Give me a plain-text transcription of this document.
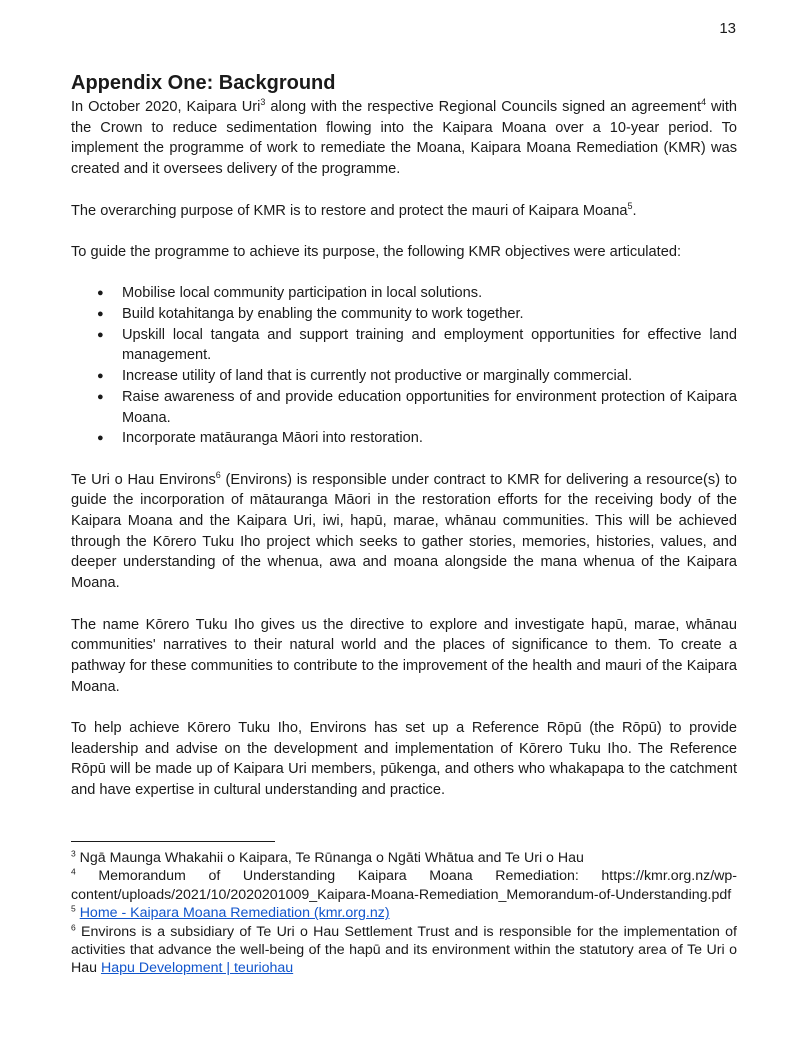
13
Appendix One: Background

In October 2020, Kaipara Uri$^3$ along with the respective Regional Councils signed an agreement$^4$ with the Crown to reduce sedimentation flowing into the Kaipara Moana over a 10-year period. To implement the programme of work to remediate the Moana, Kaipara Moana Remediation (KMR) was created and it oversees delivery of the programme.

The overarching purpose of KMR is to restore and protect the mauri of Kaipara Moana$^5$.

To guide the programme to achieve its purpose, the following KMR objectives were articulated:

● Mobilise local community participation in local solutions.
● Build kotahitanga by enabling the community to work together.
● Upskill local tangata and support training and employment opportunities for effective land management.
● Increase utility of land that is currently not productive or marginally commercial.
● Raise awareness of and provide education opportunities for environment protection of Kaipara Moana.
● Incorporate matāuranga Māori into restoration.

Te Uri o Hau Environs$^6$ (Environs) is responsible under contract to KMR for delivering a resource(s) to guide the incorporation of mātauranga Māori in the restoration efforts for the receiving body of the Kaipara Moana and the Kaipara Uri, iwi, hapū, marae, whānau communities. This will be achieved through the Kōrero Tuku Iho project which seeks to gather stories, memories, histories, values, and deeper understanding of the whenua, awa and moana alongside the mana whenua of the Kaipara Moana.

The name Kōrero Tuku Iho gives us the directive to explore and investigate hapū, marae, whānau communities' narratives to their natural world and the places of significance to them. To create a pathway for these communities to contribute to the improvement of the health and mauri of the Kaipara Moana.

To help achieve Kōrero Tuku Iho, Environs has set up a Reference Rōpū (the Rōpū) to provide leadership and advise on the development and implementation of Kōrero Tuku Iho. The Reference Rōpū will be made up of Kaipara Uri members, pūkenga, and others who whakapapa to the catchment and have expertise in cultural understanding and practice.

$^3$ Ngā Maunga Whakahii o Kaipara, Te Rūnanga o Ngāti Whātua and Te Uri o Hau
$^4$ Memorandum of Understanding Kaipara Moana Remediation: https://kmr.org.nz/wp-content/uploads/2021/10/2020201009_Kaipara-Moana-Remediation_Memorandum-of-Understanding.pdf
$^5$ Home - Kaipara Moana Remediation (kmr.org.nz)
$^6$ Environs is a subsidiary of Te Uri o Hau Settlement Trust and is responsible for the implementation of activities that advance the well-being of the hapū and its environment within the statutory area of Te Uri o Hau Hapu Development | teuriohau
